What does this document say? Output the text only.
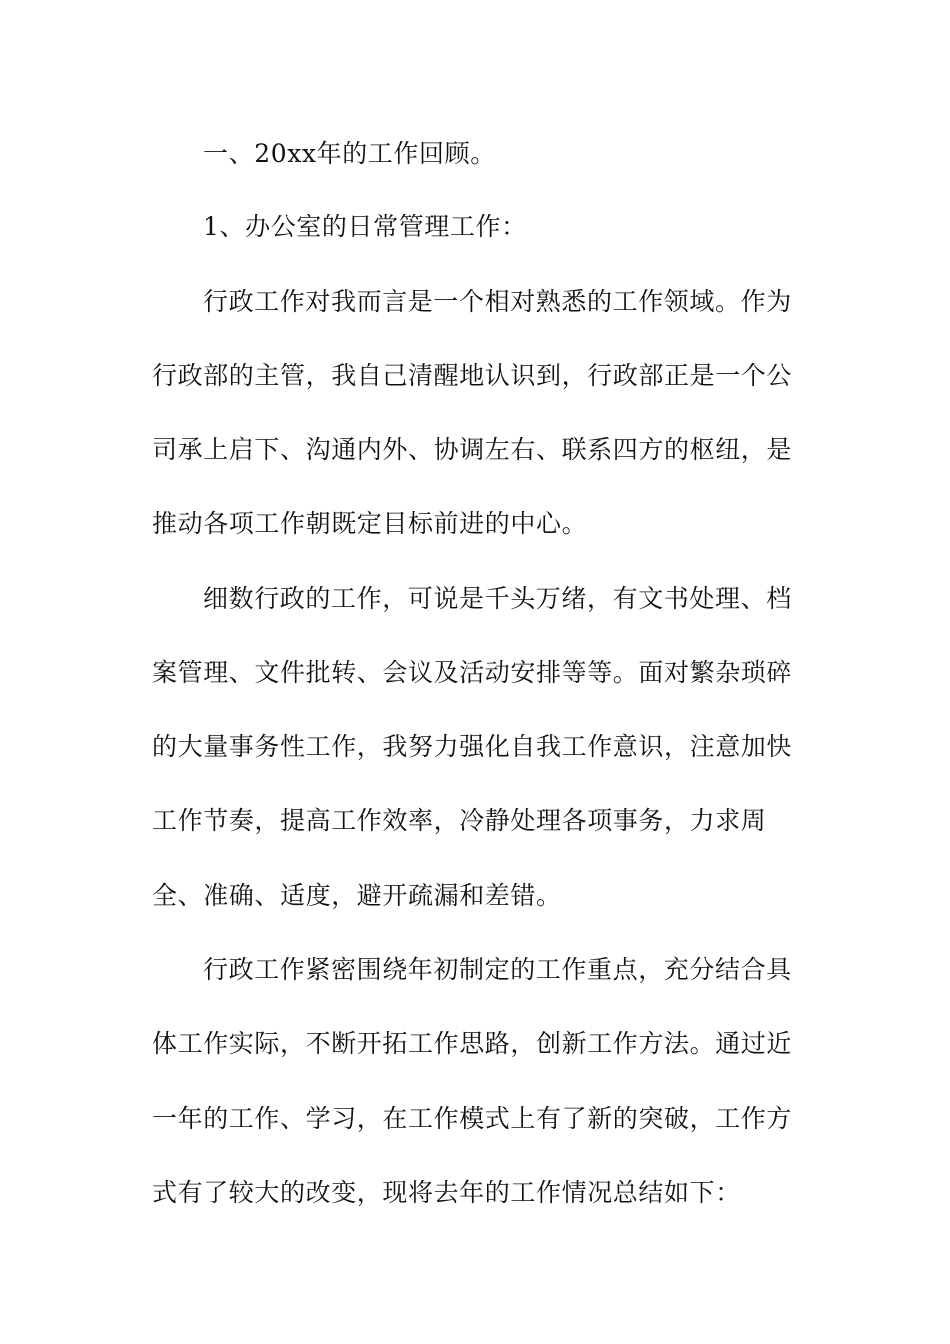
一、20xx年的工作回顾。
1、办公室的日常管理工作：
行政工作对我而言是一个相对熟悉的工作领域。作为
行政部的主管，我自己清醒地认识到，行政部正是一个公
司承上启下、沟通内外、协调左右、联系四方的枢纽，是
推动各项工作朝既定目标前进的中心。
细数行政的工作，可说是千头万绪，有文书处理、档
案管理、文件批转、会议及活动安排等等。面对繁杂琐碎
的大量事务性工作，我努力强化自我工作意识，注意加快
工作节奏，提高工作效率，冷静处理各项事务，力求周
全、准确、适度，避开疏漏和差错。
行政工作紧密围绕年初制定的工作重点，充分结合具
体工作实际，不断开拓工作思路，创新工作方法。通过近
一年的工作、学习，在工作模式上有了新的突破，工作方
式有了较大的改变，现将去年的工作情况总结如下：
